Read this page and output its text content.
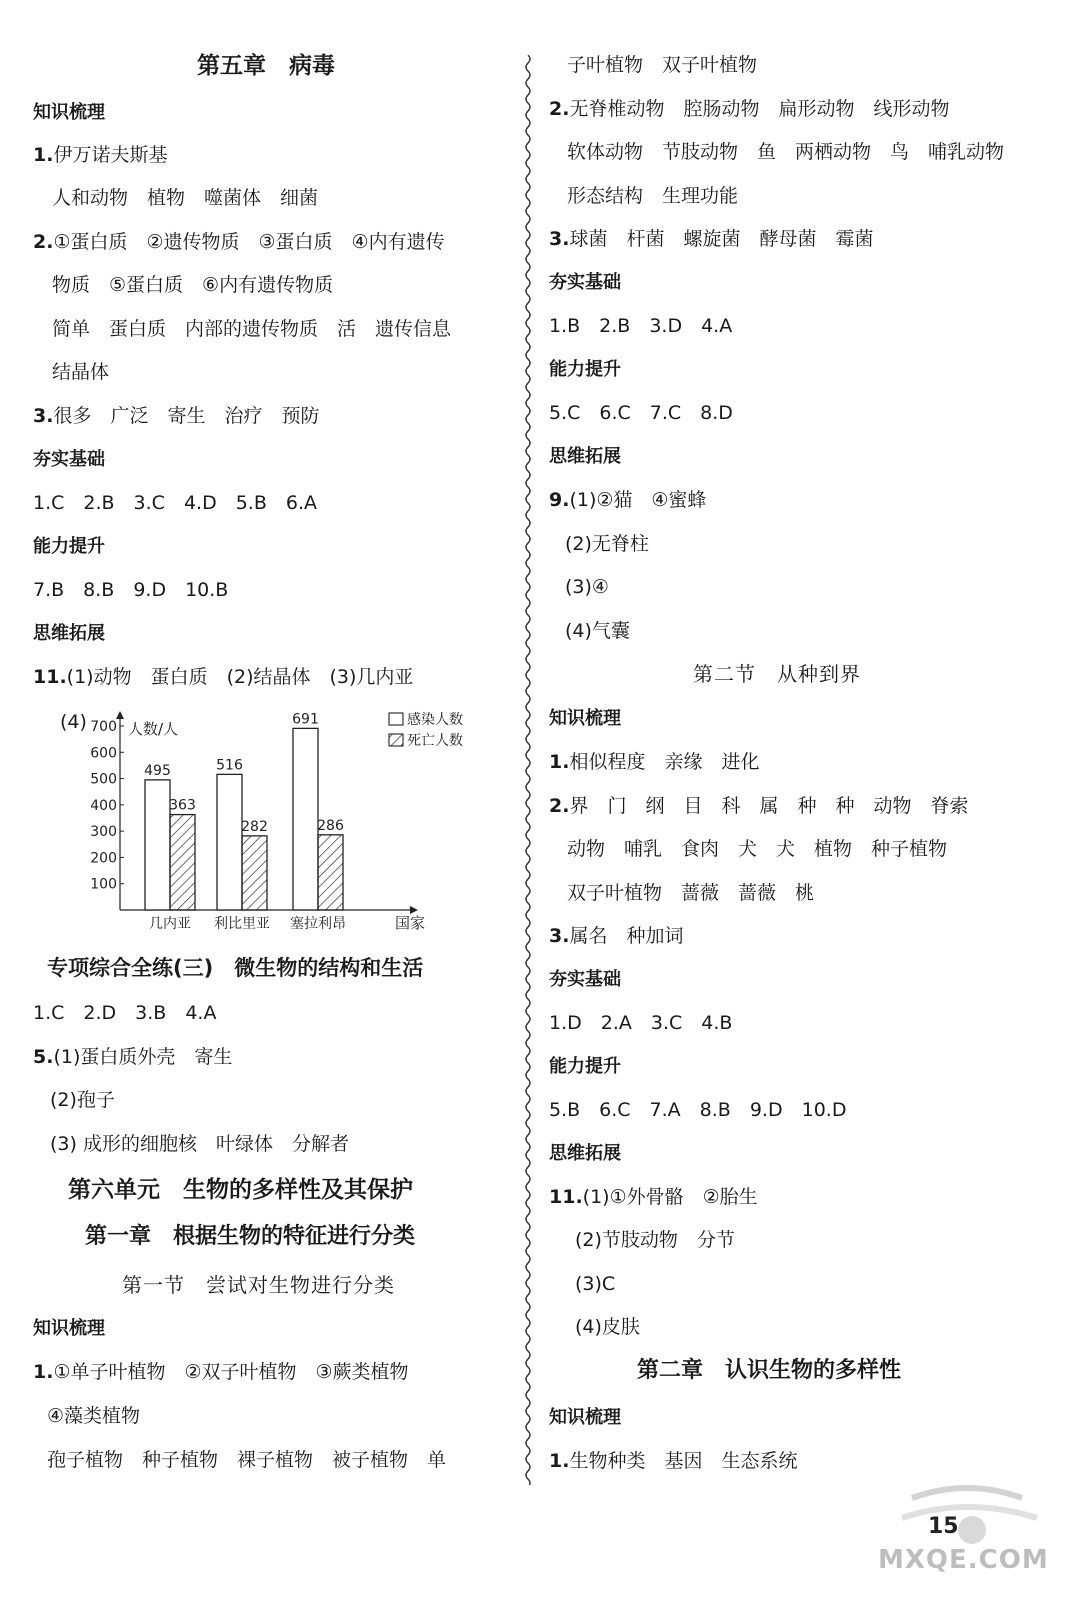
第五章　病毒
知识梳理
1.伊万诺夫斯基
人和动物　植物　噬菌体　细菌
2.①蛋白质　②遗传物质　③蛋白质　④内有遗传
物质　⑤蛋白质　⑥内有遗传物质
简单　蛋白质　内部的遗传物质　活　遗传信息
结晶体
3.很多　广泛　寄生　治疗　预防
夯实基础
1.C　2.B　3.C　4.D　5.B　6.A
能力提升
7.B　8.B　9.D　10.B
思维拓展
11.(1)动物　蛋白质　(2)结晶体　(3)几内亚
(4)
100
200
300
400
500
600
700 人数/人
国家
495
363
几内亚
516
282
利比里亚
691
286
塞拉利昂
感染人数
死亡人数
专项综合全练(三)　微生物的结构和生活
1.C　2.D　3.B　4.A
5.(1)蛋白质外壳　寄生
(2)孢子
(3) 成形的细胞核　叶绿体　分解者
第六单元　生物的多样性及其保护
第一章　根据生物的特征进行分类
第一节　尝试对生物进行分类
知识梳理
1.①单子叶植物　②双子叶植物　③蕨类植物
④藻类植物
孢子植物　种子植物　裸子植物　被子植物　单
子叶植物　双子叶植物
2.无脊椎动物　腔肠动物　扁形动物　线形动物
软体动物　节肢动物　鱼　两栖动物　鸟　哺乳动物
形态结构　生理功能
3.球菌　杆菌　螺旋菌　酵母菌　霉菌
夯实基础
1.B　2.B　3.D　4.A
能力提升
5.C　6.C　7.C　8.D
思维拓展
9.(1)②猫　④蜜蜂
(2)无脊柱
(3)④
(4)气囊
第二节　从种到界
知识梳理
1.相似程度　亲缘　进化
2.界　门　纲　目　科　属　种　种　动物　脊索
动物　哺乳　食肉　犬　犬　植物　种子植物
双子叶植物　蔷薇　蔷薇　桃
3.属名　种加词
夯实基础
1.D　2.A　3.C　4.B
能力提升
5.B　6.C　7.A　8.B　9.D　10.D
思维拓展
11.(1)①外骨骼　②胎生
(2)节肢动物　分节
(3)C
(4)皮肤
第二章　认识生物的多样性
知识梳理
1.生物种类　基因　生态系统
15
MXQE.COM
